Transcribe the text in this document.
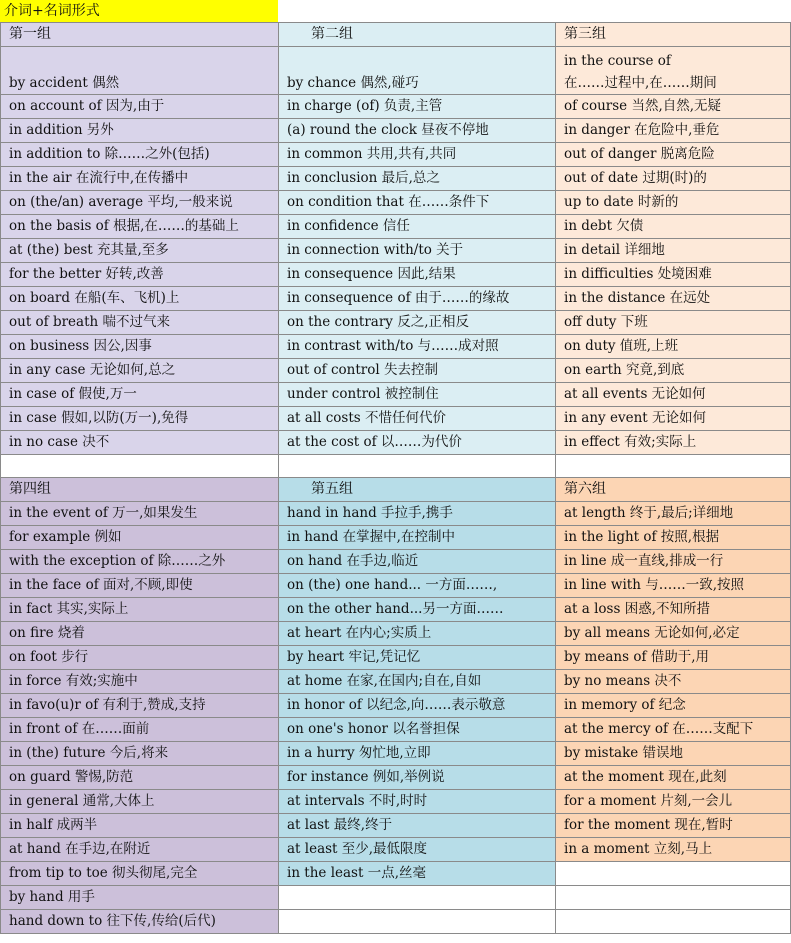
介词+名词形式
第一组	第二组	第三组
by accident 偶然	by chance 偶然,碰巧	in the course of
在……过程中,在……期间

on account of 因为,由于	in charge (of) 负责,主管	of course 当然,自然,无疑
in addition 另外	(a) round the clock 昼夜不停地	in danger 在危险中,垂危
in addition to 除……之外(包括)	in common 共用,共有,共同	out of danger 脱离危险
in the air 在流行中,在传播中	in conclusion 最后,总之	out of date 过期(时)的
on (the/an) average 平均,一般来说	on condition that 在……条件下	up to date 时新的
on the basis of 根据,在……的基础上	in confidence 信任	in debt 欠债
at (the) best 充其量,至多	in connection with/to 关于	in detail 详细地
for the better 好转,改善	in consequence 因此,结果	in difficulties 处境困难
on board 在船(车、飞机)上	in consequence of 由于……的缘故	in the distance 在远处
out of breath 喘不过气来	on the contrary 反之,正相反	off duty 下班
on business 因公,因事	in contrast with/to 与……成对照	on duty 值班,上班
in any case 无论如何,总之	out of control 失去控制	on earth 究竟,到底
in case of 假使,万一	under control 被控制住	at all events 无论如何
in case 假如,以防(万一),免得	at all costs 不惜任何代价	in any event 无论如何
in no case 决不	at the cost of 以……为代价	in effect 有效;实际上

第四组	第五组	第六组
in the event of 万一,如果发生	hand in hand 手拉手,携手	at length 终于,最后;详细地
for example 例如	in hand 在掌握中,在控制中	in the light of 按照,根据
with the exception of 除……之外	on hand 在手边,临近	in line 成一直线,排成一行
in the face of 面对,不顾,即使	on (the) one hand... 一方面……,	in line with 与……一致,按照
in fact 其实,实际上	on the other hand...另一方面……	at a loss 困惑,不知所措
on fire 烧着	at heart 在内心;实质上	by all means 无论如何,必定
on foot 步行	by heart 牢记,凭记忆	by means of 借助于,用
in force 有效;实施中	at home 在家,在国内;自在,自如	by no means 决不
in favo(u)r of 有利于,赞成,支持	in honor of 以纪念,向……表示敬意	in memory of 纪念
in front of 在……面前	on one's honor 以名誉担保	at the mercy of 在……支配下
in (the) future 今后,将来	in a hurry 匆忙地,立即	by mistake 错误地
on guard 警惕,防范	for instance 例如,举例说	at the moment 现在,此刻
in general 通常,大体上	at intervals 不时,时时	for a moment 片刻,一会儿
in half 成两半	at last 最终,终于	for the moment 现在,暂时
at hand 在手边,在附近	at least 至少,最低限度	in a moment 立刻,马上
from tip to toe 彻头彻尾,完全	in the least 一点,丝毫	
by hand 用手		
hand down to 往下传,传给(后代)		
